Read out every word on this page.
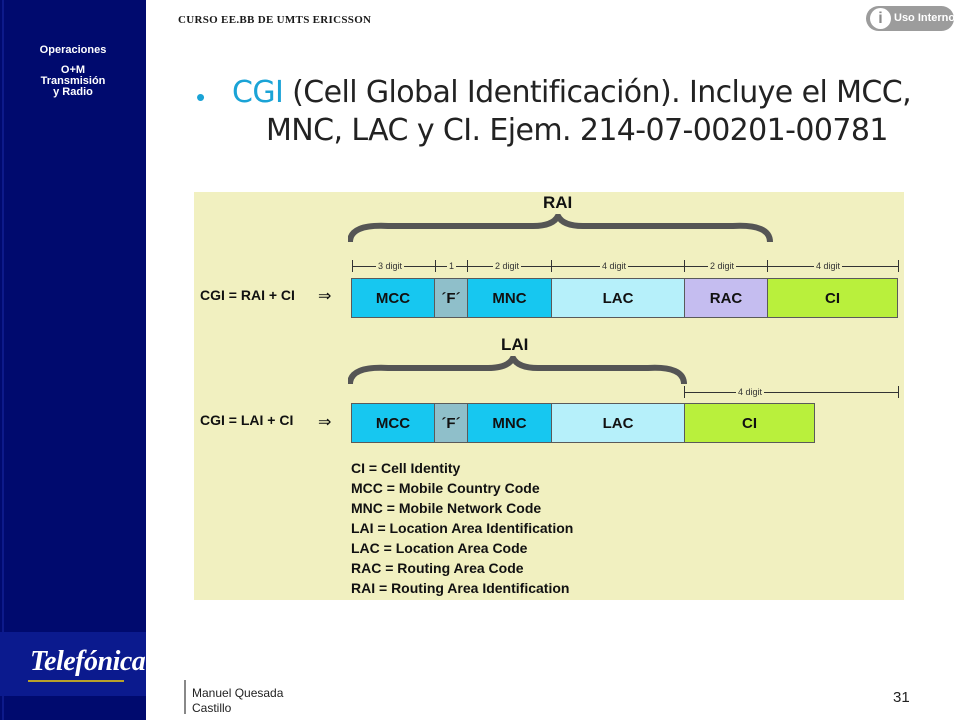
Operaciones
O+M
Transmisión
y Radio
Telefónica
CURSO EE.BB DE UMTS ERICSSON	i	Uso Interno
• CGI (Cell Global Identificación). Incluye el MCC,
MNC, LAC y CI. Ejem. 214-07-00201-00781
RAI
3 digit	1	2 digit	4 digit	2 digit	4 digit
CGI = RAI + CI ⇒	MCC	´F´	MNC	LAC	RAC	CI
LAI
4 digit
CGI = LAI + CI ⇒	MCC	´F´	MNC	LAC	CI
CI = Cell Identity
MCC = Mobile Country Code
MNC = Mobile Network Code
LAI = Location Area Identification
LAC = Location Area Code
RAC = Routing Area Code
RAI = Routing Area Identification
Manuel Quesada
Castillo
31
